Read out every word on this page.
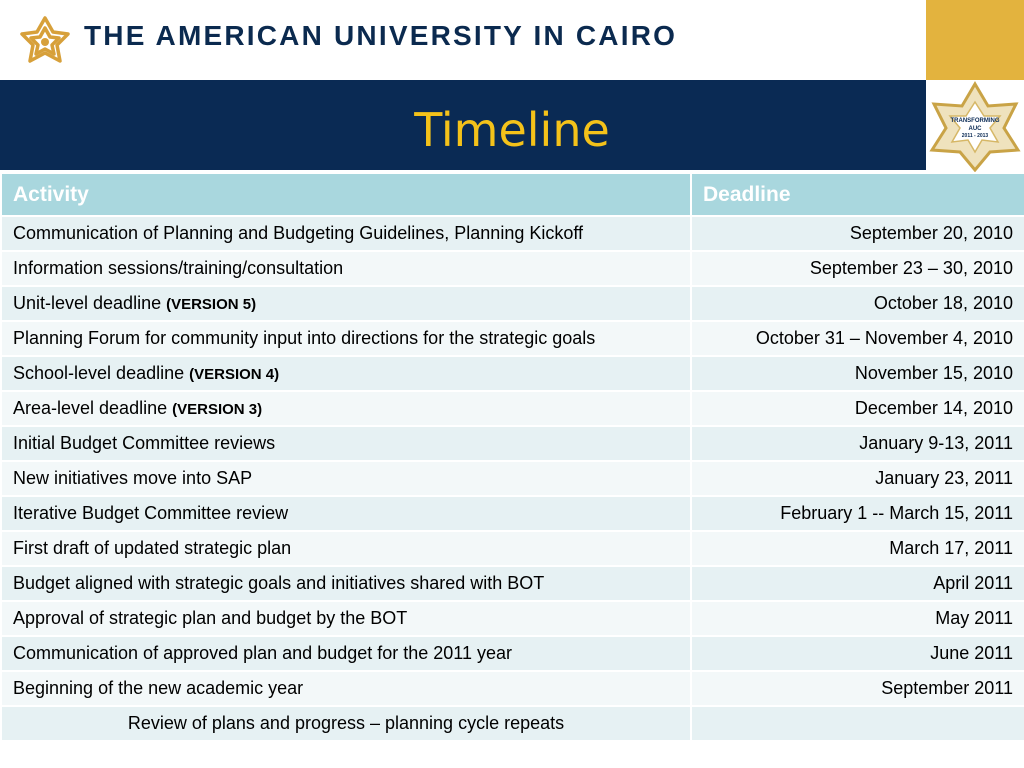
THE AMERICAN UNIVERSITY IN CAIRO
Timeline	TRANSFORMING
AUC
2011 - 2013
Activity	Deadline
Communication of Planning and Budgeting Guidelines, Planning Kickoff	September 20, 2010
Information sessions/training/consultation	September 23 – 30, 2010
Unit-level deadline (VERSION 5)	October 18, 2010
Planning Forum for community input into directions for the strategic goals	October 31 – November 4, 2010
School-level deadline (VERSION 4)	November 15, 2010
Area-level deadline (VERSION 3)	December 14, 2010
Initial Budget Committee reviews	January 9-13, 2011
New initiatives move into SAP	January 23, 2011
Iterative Budget Committee review	February 1 -- March 15, 2011
First draft of updated strategic plan	March 17, 2011
Budget aligned with strategic goals and initiatives shared with BOT	April 2011
Approval of strategic plan and budget by the BOT	May 2011
Communication of approved plan and budget for the 2011 year	June 2011
Beginning of the new academic year	September 2011
Review of plans and progress – planning cycle repeats	
